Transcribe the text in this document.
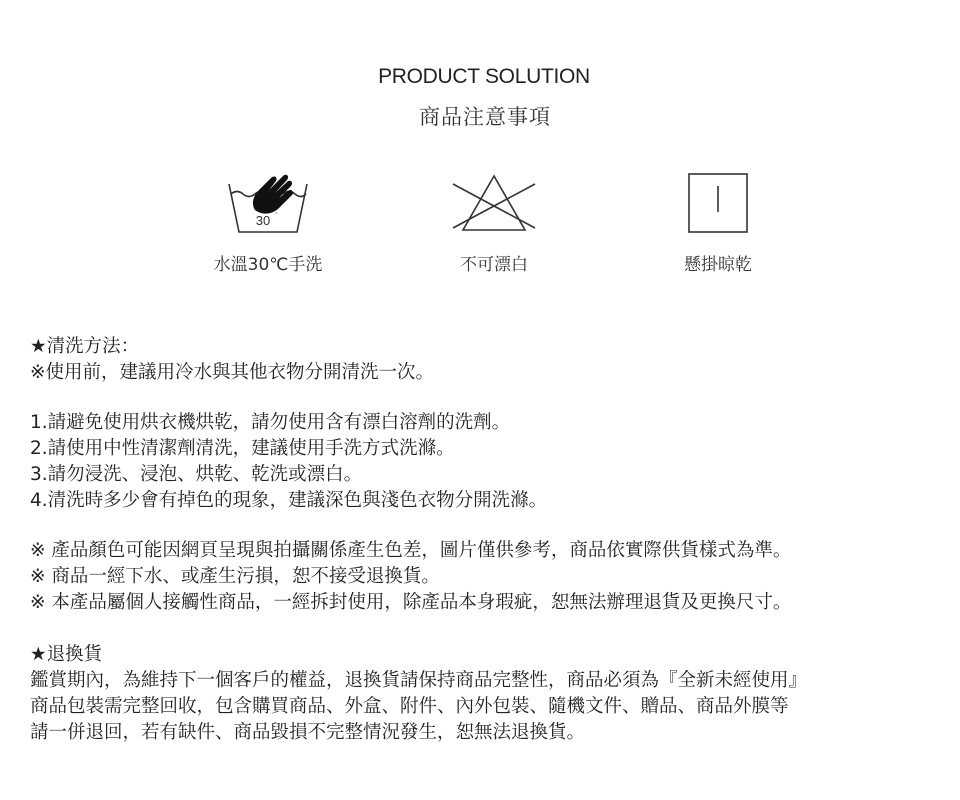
PRODUCT SOLUTION
商品注意事項
30 °
水溫30℃手洗	不可漂白	懸掛晾乾

★清洗方法：

※使用前，建議用冷水與其他衣物分開清洗一次。

1.請避免使用烘衣機烘乾，請勿使用含有漂白溶劑的洗劑。

2.請使用中性清潔劑清洗，建議使用手洗方式洗滌。

3.請勿浸洗、浸泡、烘乾、乾洗或漂白。

4.清洗時多少會有掉色的現象，建議深色與淺色衣物分開洗滌。

※ 產品顏色可能因網頁呈現與拍攝關係產生色差，圖片僅供參考，商品依實際供貨樣式為準。

※ 商品一經下水、或產生污損，恕不接受退換貨。

※ 本產品屬個人接觸性商品，一經拆封使用，除產品本身瑕疵，恕無法辦理退貨及更換尺寸。

★退換貨

鑑賞期內，為維持下一個客戶的權益，退換貨請保持商品完整性，商品必須為『全新未經使用』

商品包裝需完整回收，包含購買商品、外盒、附件、內外包裝、隨機文件、贈品、商品外膜等

請一併退回，若有缺件、商品毀損不完整情況發生，恕無法退換貨。
